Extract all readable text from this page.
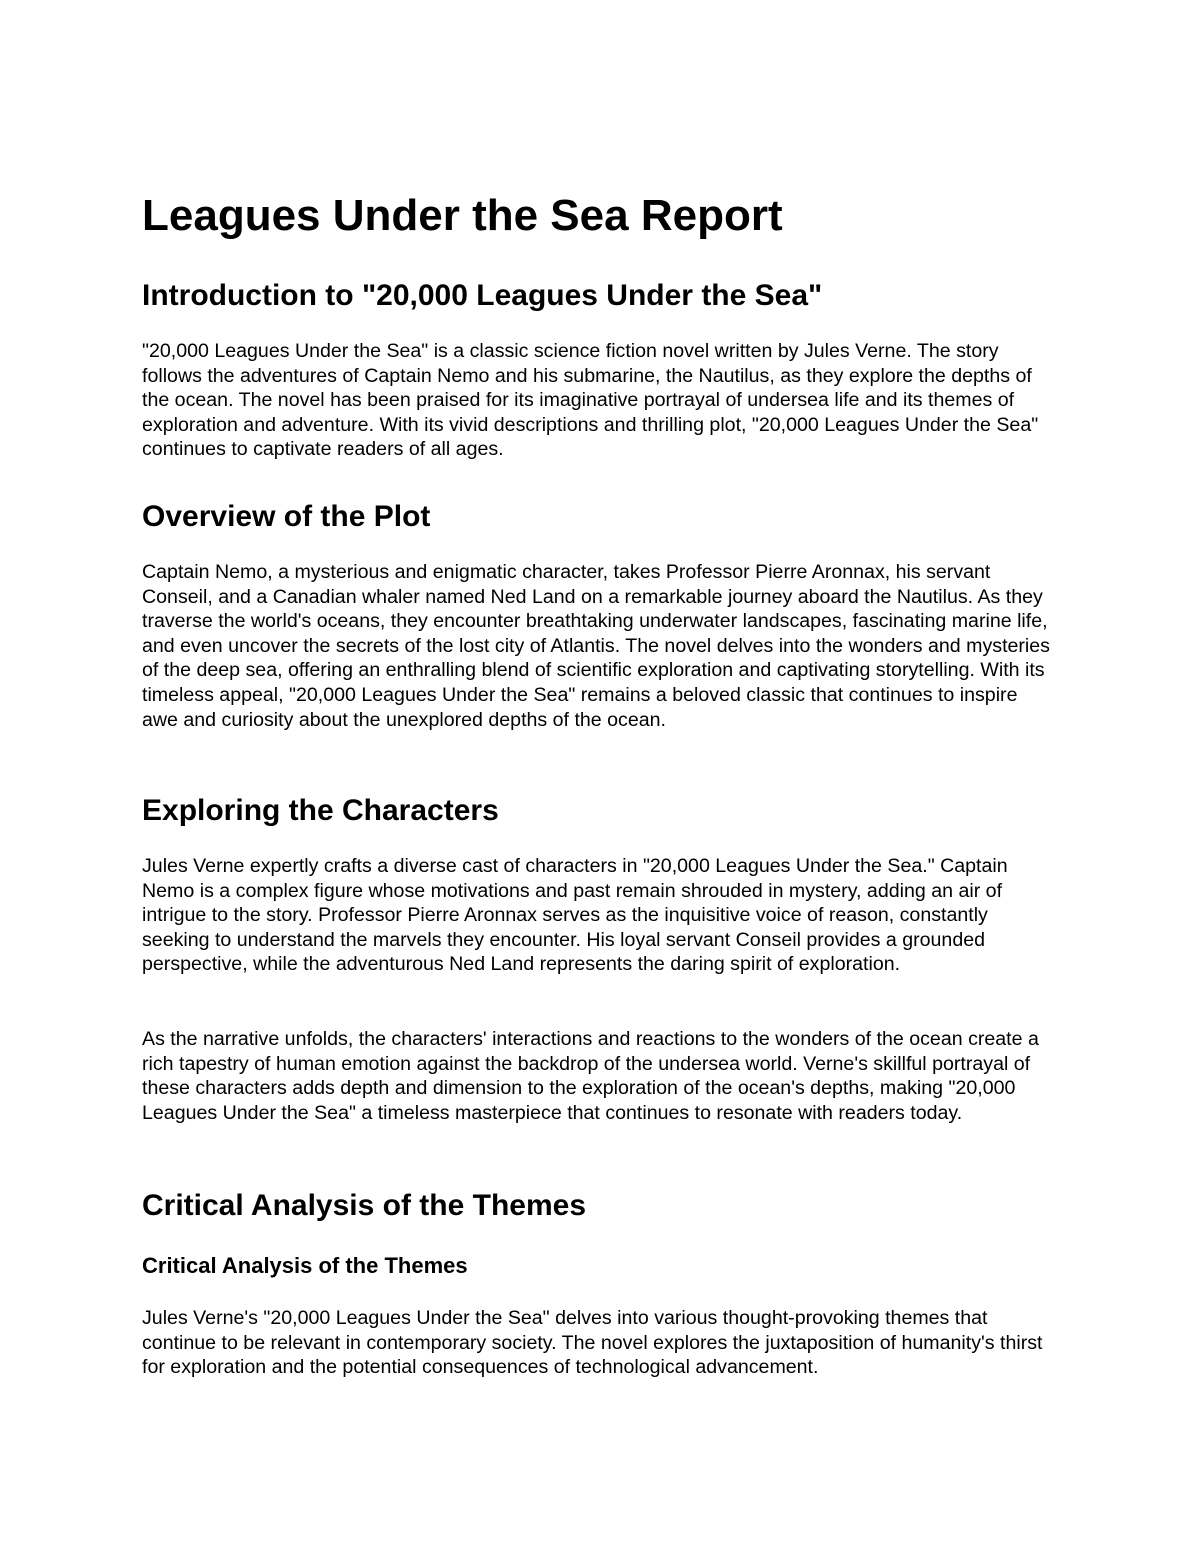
Leagues Under the Sea Report
Introduction to "20,000 Leagues Under the Sea"

"20,000 Leagues Under the Sea" is a classic science fiction novel written by Jules Verne. The story follows the adventures of Captain Nemo and his submarine, the Nautilus, as they explore the depths of the ocean. The novel has been praised for its imaginative portrayal of undersea life and its themes of exploration and adventure. With its vivid descriptions and thrilling plot, "20,000 Leagues Under the Sea" continues to captivate readers of all ages.

Overview of the Plot

Captain Nemo, a mysterious and enigmatic character, takes Professor Pierre Aronnax, his servant Conseil, and a Canadian whaler named Ned Land on a remarkable journey aboard the Nautilus. As they traverse the world's oceans, they encounter breathtaking underwater landscapes, fascinating marine life, and even uncover the secrets of the lost city of Atlantis. The novel delves into the wonders and mysteries of the deep sea, offering an enthralling blend of scientific exploration and captivating storytelling. With its timeless appeal, "20,000 Leagues Under the Sea" remains a beloved classic that continues to inspire awe and curiosity about the unexplored depths of the ocean.

Exploring the Characters

Jules Verne expertly crafts a diverse cast of characters in "20,000 Leagues Under the Sea." Captain Nemo is a complex figure whose motivations and past remain shrouded in mystery, adding an air of intrigue to the story. Professor Pierre Aronnax serves as the inquisitive voice of reason, constantly seeking to understand the marvels they encounter. His loyal servant Conseil provides a grounded perspective, while the adventurous Ned Land represents the daring spirit of exploration.

As the narrative unfolds, the characters' interactions and reactions to the wonders of the ocean create a rich tapestry of human emotion against the backdrop of the undersea world. Verne's skillful portrayal of these characters adds depth and dimension to the exploration of the ocean's depths, making "20,000 Leagues Under the Sea" a timeless masterpiece that continues to resonate with readers today.

Critical Analysis of the Themes
Critical Analysis of the Themes

Jules Verne's "20,000 Leagues Under the Sea" delves into various thought-provoking themes that continue to be relevant in contemporary society. The novel explores the juxtaposition of humanity's thirst for exploration and the potential consequences of technological advancement.
